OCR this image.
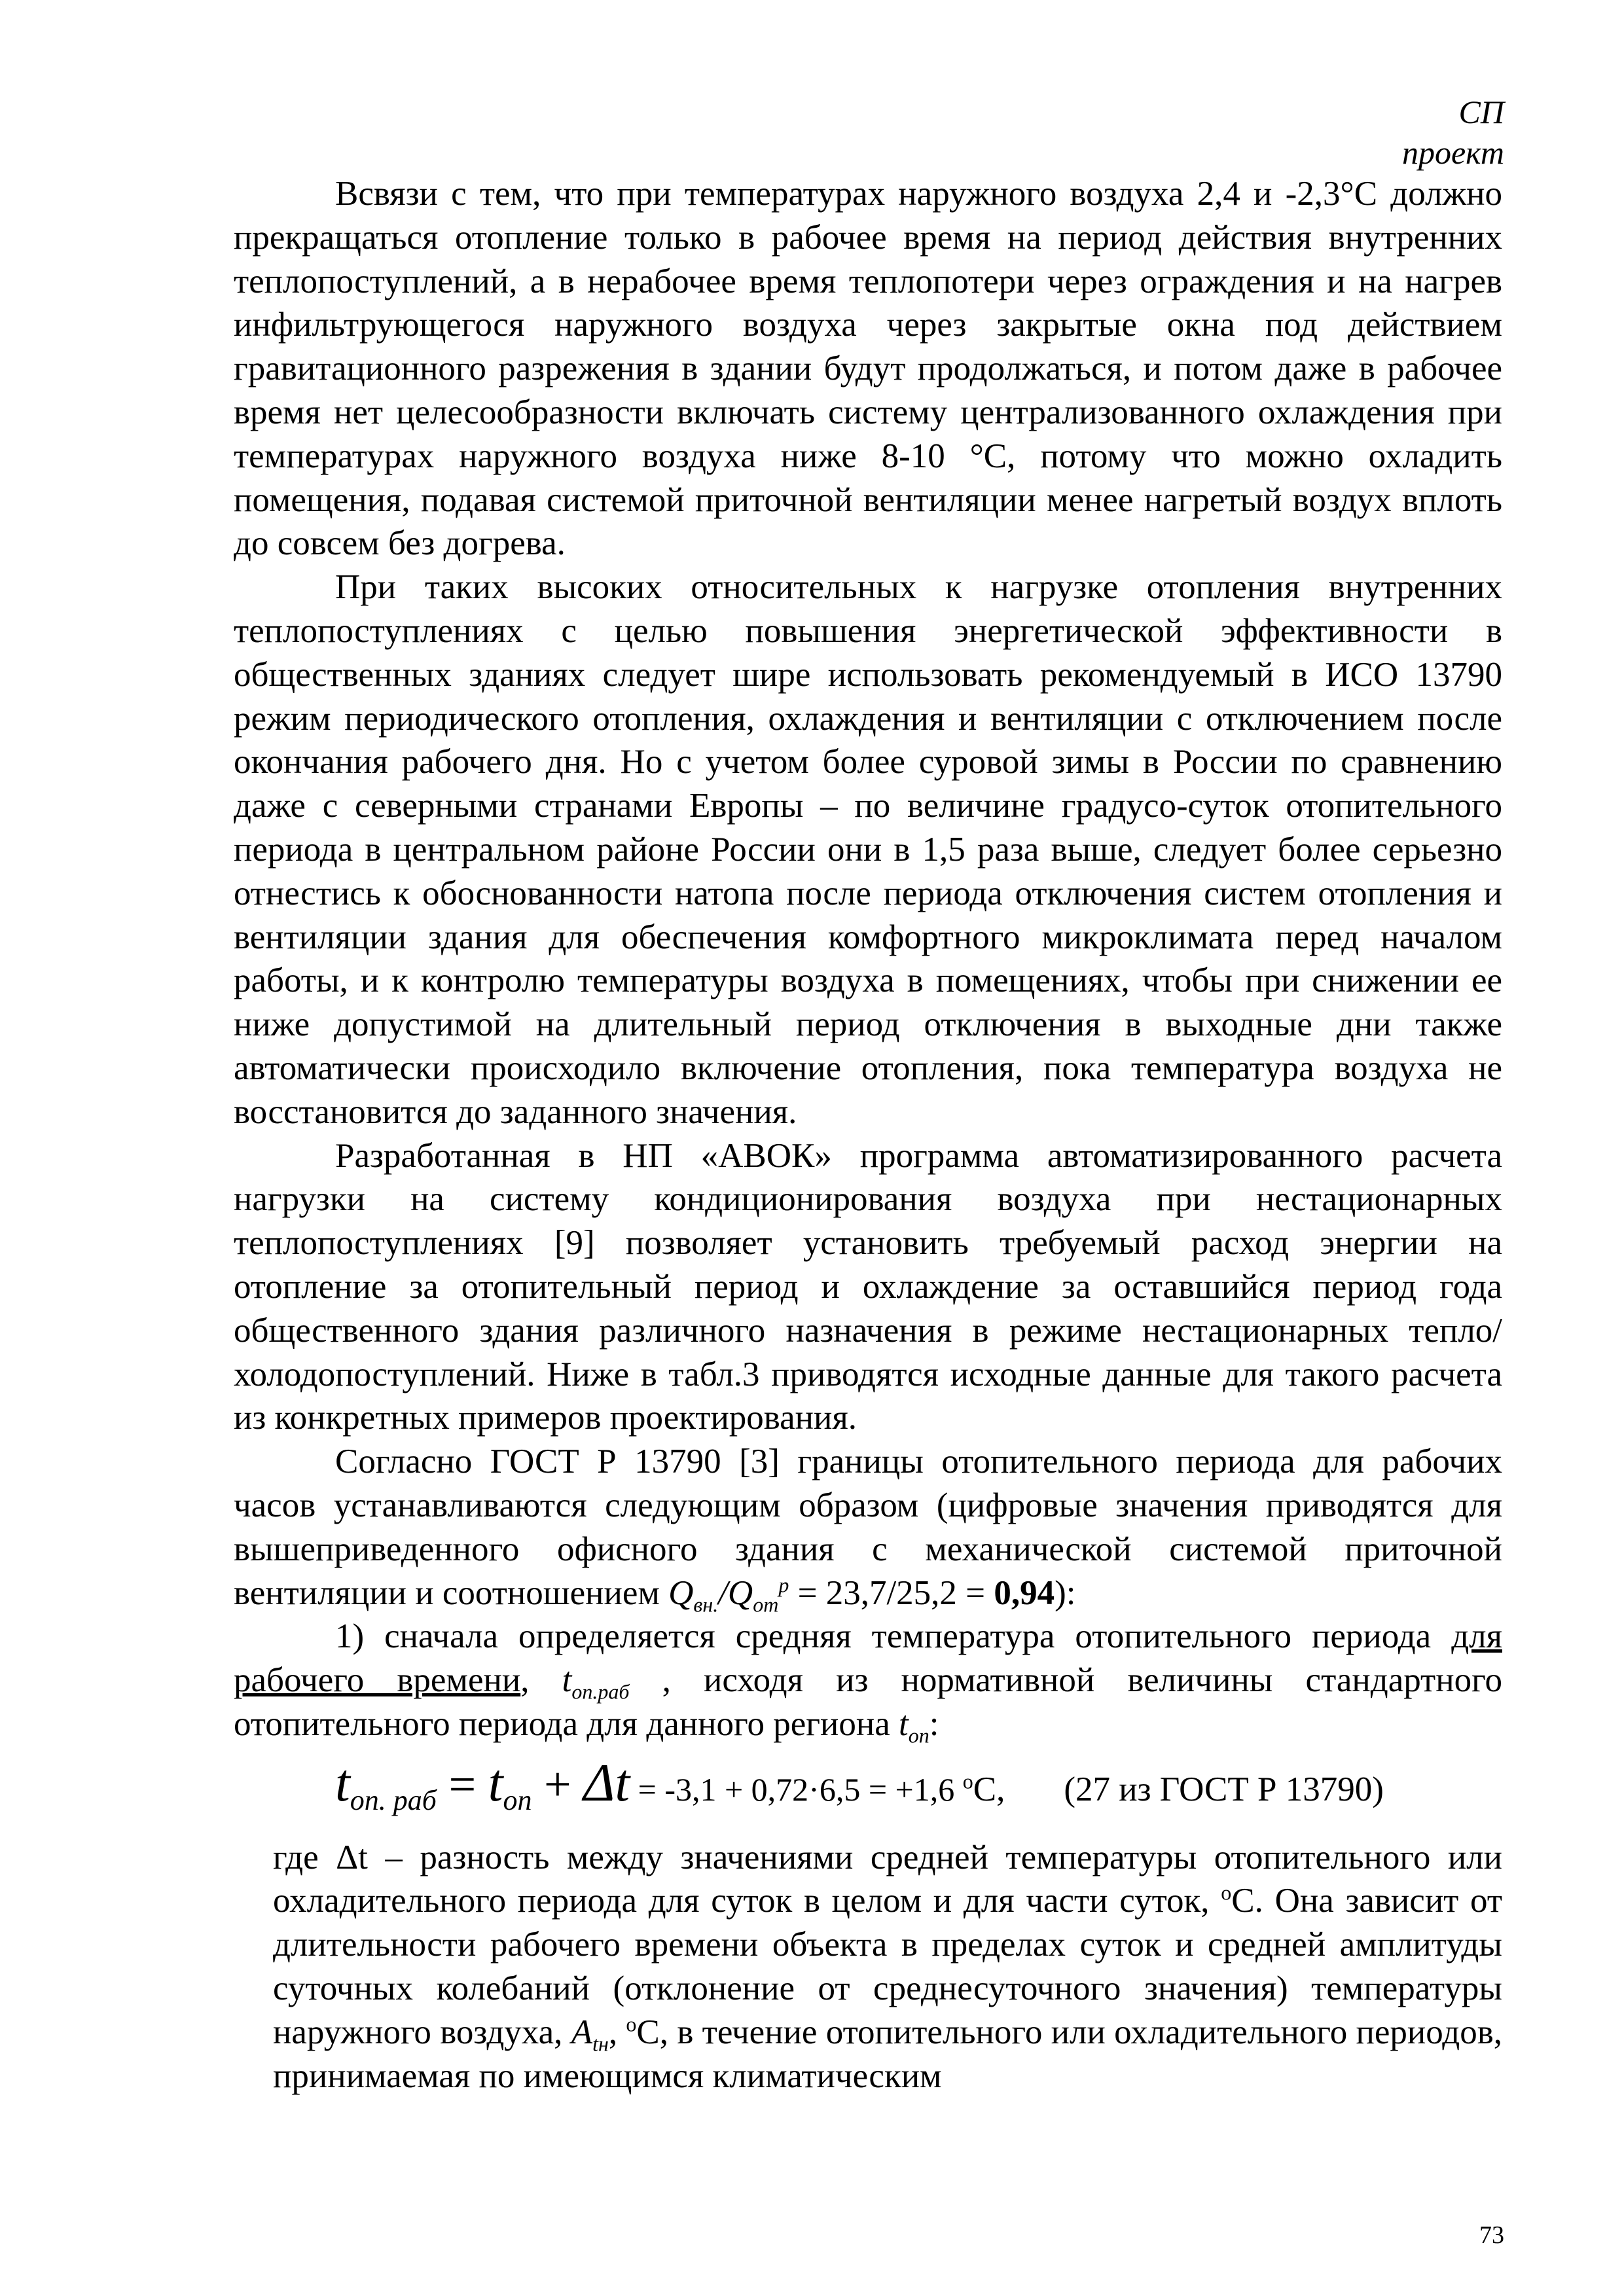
СП
проект

Всвязи с тем, что при температурах наружного воздуха 2,4 и -2,3°С должно прекращаться отопление только в рабочее время на период действия внутренних теплопоступлений, а в нерабочее время теплопотери через ограждения и на нагрев инфильтрующегося наружного воздуха через закрытые окна под действием гравитационного разрежения в здании будут продолжаться, и потом даже в рабочее время нет целесообразности включать систему централизованного охлаждения при температурах наружного воздуха ниже 8-10 °С, потому что можно охладить помещения, подавая системой приточной вентиляции менее нагретый воздух вплоть до совсем без догрева.

При таких высоких относительных к нагрузке отопления внутренних теплопоступлениях с целью повышения энергетической эффективности в общественных зданиях следует шире использовать рекомендуемый в ИСО 13790 режим периодического отопления, охлаждения и вентиляции с отключением после окончания рабочего дня. Но с учетом более суровой зимы в России по сравнению даже с северными странами Европы – по величине градусо-суток отопительного периода в центральном районе России они в 1,5 раза выше, следует более серьезно отнестись к обоснованности натопа после периода отключения систем отопления и вентиляции здания для обеспечения комфортного микроклимата перед началом работы, и к контролю температуры воздуха в помещениях, чтобы при снижении ее ниже допустимой на длительный период отключения в выходные дни также автоматически происходило включение отопления, пока температура воздуха не восстановится до заданного значения.

Разработанная в НП «АВОК» программа автоматизированного расчета нагрузки на систему кондиционирования воздуха при нестационарных теплопоступлениях [9] позволяет установить требуемый расход энергии на отопление за отопительный период и охлаждение за оставшийся период года общественного здания различного назначения в режиме нестационарных тепло/холодопоступлений. Ниже в табл.3 приводятся исходные данные для такого расчета из конкретных примеров проектирования.

Согласно ГОСТ Р 13790 [3] границы отопительного периода для рабочих часов устанавливаются следующим образом (цифровые значения приводятся для вышеприведенного офисного здания с механической системой приточной вентиляции и соотношением $Q_{вн.}/Q_{от}^p = 23,7/25,2 = 0,94$):

1) сначала определяется средняя температура отопительного периода для рабочего времени, $t_{оп.раб}$ , исходя из нормативной величины стандартного отопительного периода для данного региона $t_{оп}$:

$t_{оп. раб} = t_{оп} + \Delta t = -3,1 + 0,72\cdot 6,5 = +1,6$ $^о$С, (27 из ГОСТ Р 13790)

где Δt – разность между значениями средней температуры отопительного или охладительного периода для суток в целом и для части суток, $^о$С. Она зависит от длительности рабочего времени объекта в пределах суток и средней амплитуды суточных колебаний (отклонение от среднесуточного значения) температуры наружного воздуха, $A_{tн}$, $^о$С, в течение отопительного или охладительного периодов, принимаемая по имеющимся климатическим

73
